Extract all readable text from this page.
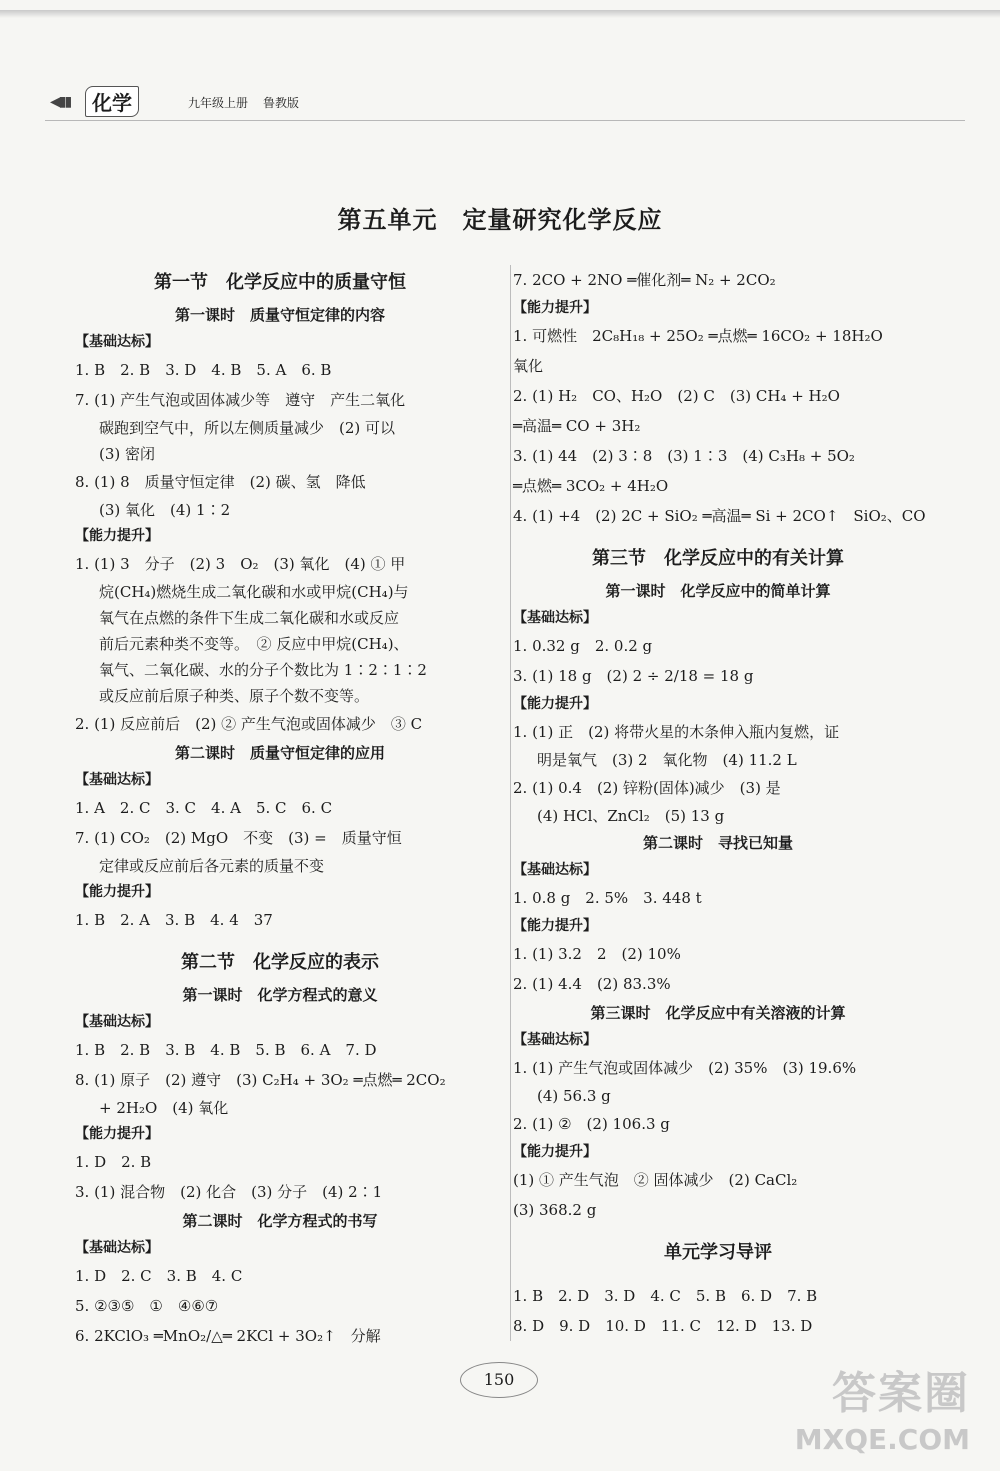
◀▮▮	化学	九年级上册 鲁教版
第五单元　定量研究化学反应
第一节　化学反应中的质量守恒
第一课时　质量守恒定律的内容
【基础达标】
1. B　2. B　3. D　4. B　5. A　6. B
7. (1) 产生气泡或固体减少等　遵守　产生二氧化
碳跑到空气中，所以左侧质量减少　(2) 可以
(3) 密闭
8. (1) 8　质量守恒定律　(2) 碳、氢　降低
(3) 氧化　(4) 1∶2
【能力提升】
1. (1) 3　分子　(2) 3　O₂　(3) 氧化　(4) ① 甲
烷(CH₄)燃烧生成二氧化碳和水或甲烷(CH₄)与
氧气在点燃的条件下生成二氧化碳和水或反应
前后元素种类不变等。　② 反应中甲烷(CH₄)、
氧气、二氧化碳、水的分子个数比为 1∶2∶1∶2
或反应前后原子种类、原子个数不变等。
2. (1) 反应前后　(2) ② 产生气泡或固体减少　③ C
第二课时　质量守恒定律的应用
【基础达标】
1. A　2. C　3. C　4. A　5. C　6. C
7. (1) CO₂　(2) MgO　不变　(3) =　质量守恒
定律或反应前后各元素的质量不变
【能力提升】
1. B　2. A　3. B　4. 4　37
第二节　化学反应的表示
第一课时　化学方程式的意义
【基础达标】
1. B　2. B　3. B　4. B　5. B　6. A　7. D
8. (1) 原子　(2) 遵守　(3) C₂H₄ + 3O₂ ═点燃═ 2CO₂
+ 2H₂O　(4) 氧化
【能力提升】
1. D　2. B
3. (1) 混合物　(2) 化合　(3) 分子　(4) 2∶1
第二课时　化学方程式的书写
【基础达标】
1. D　2. C　3. B　4. C
5. ②③⑤　①　④⑥⑦
6. 2KClO₃ ═MnO₂/△═ 2KCl + 3O₂↑　分解
7. 2CO + 2NO ═催化剂═ N₂ + 2CO₂
【能力提升】
1. 可燃性　2C₈H₁₈ + 25O₂ ═点燃═ 16CO₂ + 18H₂O
氧化
2. (1) H₂　CO、H₂O　(2) C　(3) CH₄ + H₂O
═高温═ CO + 3H₂
3. (1) 44　(2) 3∶8　(3) 1∶3　(4) C₃H₈ + 5O₂
═点燃═ 3CO₂ + 4H₂O
4. (1) +4　(2) 2C + SiO₂ ═高温═ Si + 2CO↑　SiO₂、CO
第三节　化学反应中的有关计算
第一课时　化学反应中的简单计算
【基础达标】
1. 0.32 g　2. 0.2 g
3. (1) 18 g　(2) 2 ÷ 2/18 = 18 g
【能力提升】
1. (1) 正　(2) 将带火星的木条伸入瓶内复燃，证
明是氧气　(3) 2　氧化物　(4) 11.2 L
2. (1) 0.4　(2) 锌粉(固体)减少　(3) 是
(4) HCl、ZnCl₂　(5) 13 g
第二课时　寻找已知量
【基础达标】
1. 0.8 g　2. 5%　3. 448 t
【能力提升】
1. (1) 3.2　2　(2) 10%
2. (1) 4.4　(2) 83.3%
第三课时　化学反应中有关溶液的计算
【基础达标】
1. (1) 产生气泡或固体减少　(2) 35%　(3) 19.6%
(4) 56.3 g
2. (1) ②　(2) 106.3 g
【能力提升】
(1) ① 产生气泡　② 固体减少　(2) CaCl₂
(3) 368.2 g
单元学习导评
1. B　2. D　3. D　4. C　5. B　6. D　7. B
8. D　9. D　10. D　11. C　12. D　13. D
150	答案圈
MXQE.COM
